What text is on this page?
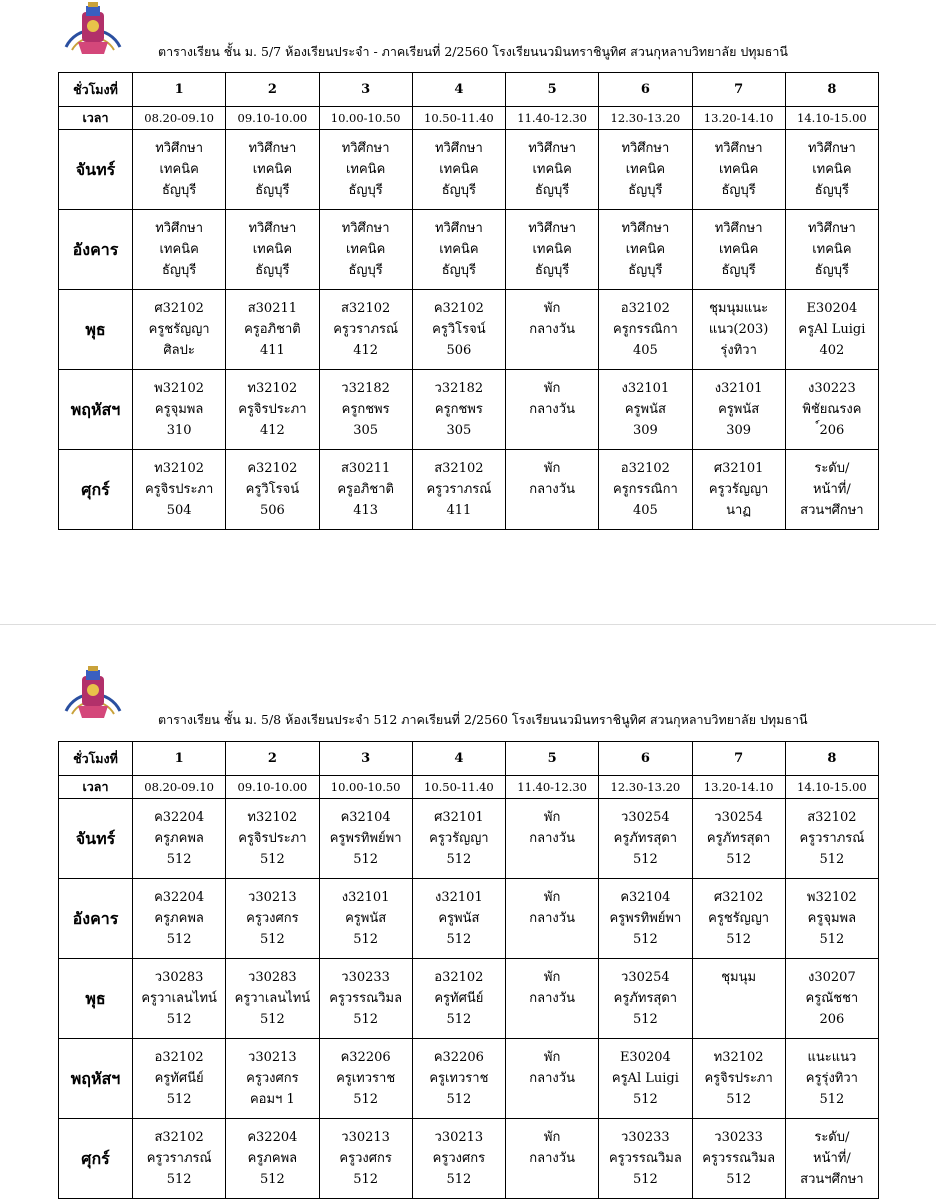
ตารางเรียน ชั้น ม. 5/7 ห้องเรียนประจำ - ภาคเรียนที่ 2/2560 โรงเรียนนวมินทราชินูทิศ สวนกุหลาบวิทยาลัย ปทุมธานี
ชั่วโมงที่	1	2	3	4	5	6	7	8
เวลา	08.20-09.10	09.10-10.00	10.00-10.50	10.50-11.40	11.40-12.30	12.30-13.20	13.20-14.10	14.10-15.00
จันทร์	ทวิศึกษา
เทคนิค
ธัญบุรี	ทวิศึกษา
เทคนิค
ธัญบุรี	ทวิศึกษา
เทคนิค
ธัญบุรี	ทวิศึกษา
เทคนิค
ธัญบุรี	ทวิศึกษา
เทคนิค
ธัญบุรี	ทวิศึกษา
เทคนิค
ธัญบุรี	ทวิศึกษา
เทคนิค
ธัญบุรี	ทวิศึกษา
เทคนิค
ธัญบุรี

อังคาร	ทวิศึกษา
เทคนิค
ธัญบุรี	ทวิศึกษา
เทคนิค
ธัญบุรี	ทวิศึกษา
เทคนิค
ธัญบุรี	ทวิศึกษา
เทคนิค
ธัญบุรี	ทวิศึกษา
เทคนิค
ธัญบุรี	ทวิศึกษา
เทคนิค
ธัญบุรี	ทวิศึกษา
เทคนิค
ธัญบุรี	ทวิศึกษา
เทคนิค
ธัญบุรี

พุธ	ศ32102
ครูชรัญญา
ศิลปะ	ส30211
ครูอภิชาติ
411	ส32102
ครูวราภรณ์
412	ค32102
ครูวิโรจน์
506	พัก
กลางวัน	อ32102
ครูกรรณิกา
405	ชุมนุมแนะ
แนว(203)
รุ่งทิวา	E30204
ครูAl Luigi
402

พฤหัสฯ	พ32102
ครูจุมพล
310	ท32102
ครูจิรประภา
412	ว32182
ครูกชพร
305	ว32182
ครูกชพร
305	พัก
กลางวัน	ง32101
ครูพนัส
309	ง32101
ครูพนัส
309	ง30223
พิชัยณรงค
์206

ศุกร์	ท32102
ครูจิรประภา
504	ค32102
ครูวิโรจน์
506	ส30211
ครูอภิชาติ
413	ส32102
ครูวราภรณ์
411	พัก
กลางวัน	อ32102
ครูกรรณิกา
405	ศ32101
ครูวรัญญา
นาฏ	ระดับ/
หน้าที่/
สวนฯศึกษา
ตารางเรียน ชั้น ม. 5/8 ห้องเรียนประจำ 512 ภาคเรียนที่ 2/2560 โรงเรียนนวมินทราชินูทิศ สวนกุหลาบวิทยาลัย ปทุมธานี
ชั่วโมงที่	1	2	3	4	5	6	7	8
เวลา	08.20-09.10	09.10-10.00	10.00-10.50	10.50-11.40	11.40-12.30	12.30-13.20	13.20-14.10	14.10-15.00
จันทร์	ค32204
ครูภคพล
512	ท32102
ครูจิรประภา
512	ค32104
ครูพรทิพย์พา
512	ศ32101
ครูวรัญญา
512	พัก
กลางวัน	ว30254
ครูภัทรสุดา
512	ว30254
ครูภัทรสุดา
512	ส32102
ครูวราภรณ์
512

อังคาร	ค32204
ครูภคพล
512	ว30213
ครูวงศกร
512	ง32101
ครูพนัส
512	ง32101
ครูพนัส
512	พัก
กลางวัน	ค32104
ครูพรทิพย์พา
512	ศ32102
ครูชรัญญา
512	พ32102
ครูจุมพล
512

พุธ	ว30283
ครูวาเลนไทน์
512	ว30283
ครูวาเลนไทน์
512	ว30233
ครูวรรณวิมล
512	อ32102
ครูทัศนีย์
512	พัก
กลางวัน	ว30254
ครูภัทรสุดา
512	ชุมนุม	ง30207
ครูณัชชา
206

พฤหัสฯ	อ32102
ครูทัศนีย์
512	ว30213
ครูวงศกร
คอมฯ 1	ค32206
ครูเทวราช
512	ค32206
ครูเทวราช
512	พัก
กลางวัน	E30204
ครูAl Luigi
512	ท32102
ครูจิรประภา
512	แนะแนว
ครูรุ่งทิวา
512

ศุกร์	ส32102
ครูวราภรณ์
512	ค32204
ครูภคพล
512	ว30213
ครูวงศกร
512	ว30213
ครูวงศกร
512	พัก
กลางวัน	ว30233
ครูวรรณวิมล
512	ว30233
ครูวรรณวิมล
512	ระดับ/
หน้าที่/
สวนฯศึกษา
